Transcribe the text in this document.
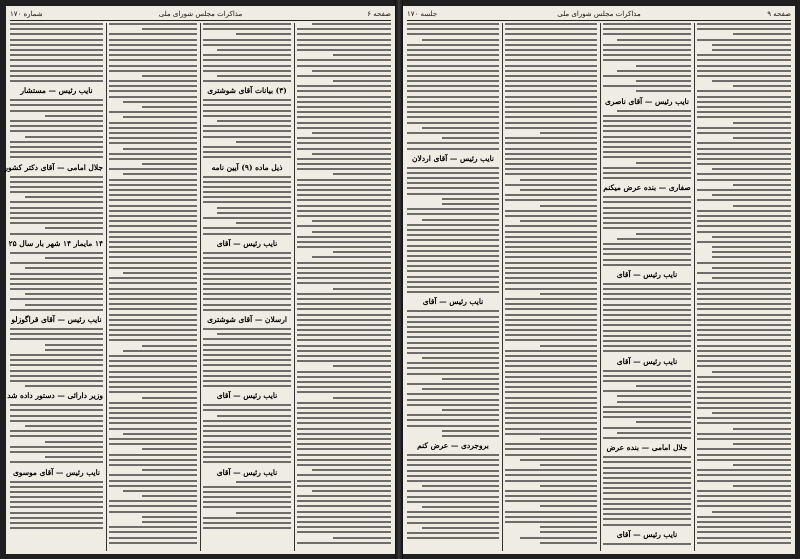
شماره ۱۷۰	مذاکرات مجلس شورای ملی	صفحه ۶
نایب رئیس — مستشار
جلال امامی — آقای دکتر کشور
۱۴ مایمار ۱۴ شهر بار سال ۲۵
نایب رئیس — آقای قراگوزلو
وزیر دارائی — دستور داده شد
نایب رئیس — آقای موسوی
(۳) بیانات آقای شوشتری
ذیل ماده (۹) آیین نامه
نایب رئیس — آقای
ارسلان — آقای شوشتری
نایب رئیس — آقای
نایب رئیس — آقای
جلسه ۱۷۰	مذاکرات مجلس شورای ملی	صفحه ۹
نایب رئیس — آقای اردلان
نایب رئیس — آقای
بروجردی — عرض کنم
نایب رئیس — آقای ناصری
صفاری — بنده عرض میکنم
نایب رئیس — آقای
نایب رئیس — آقای
جلال امامی — بنده عرض
نایب رئیس — آقای
